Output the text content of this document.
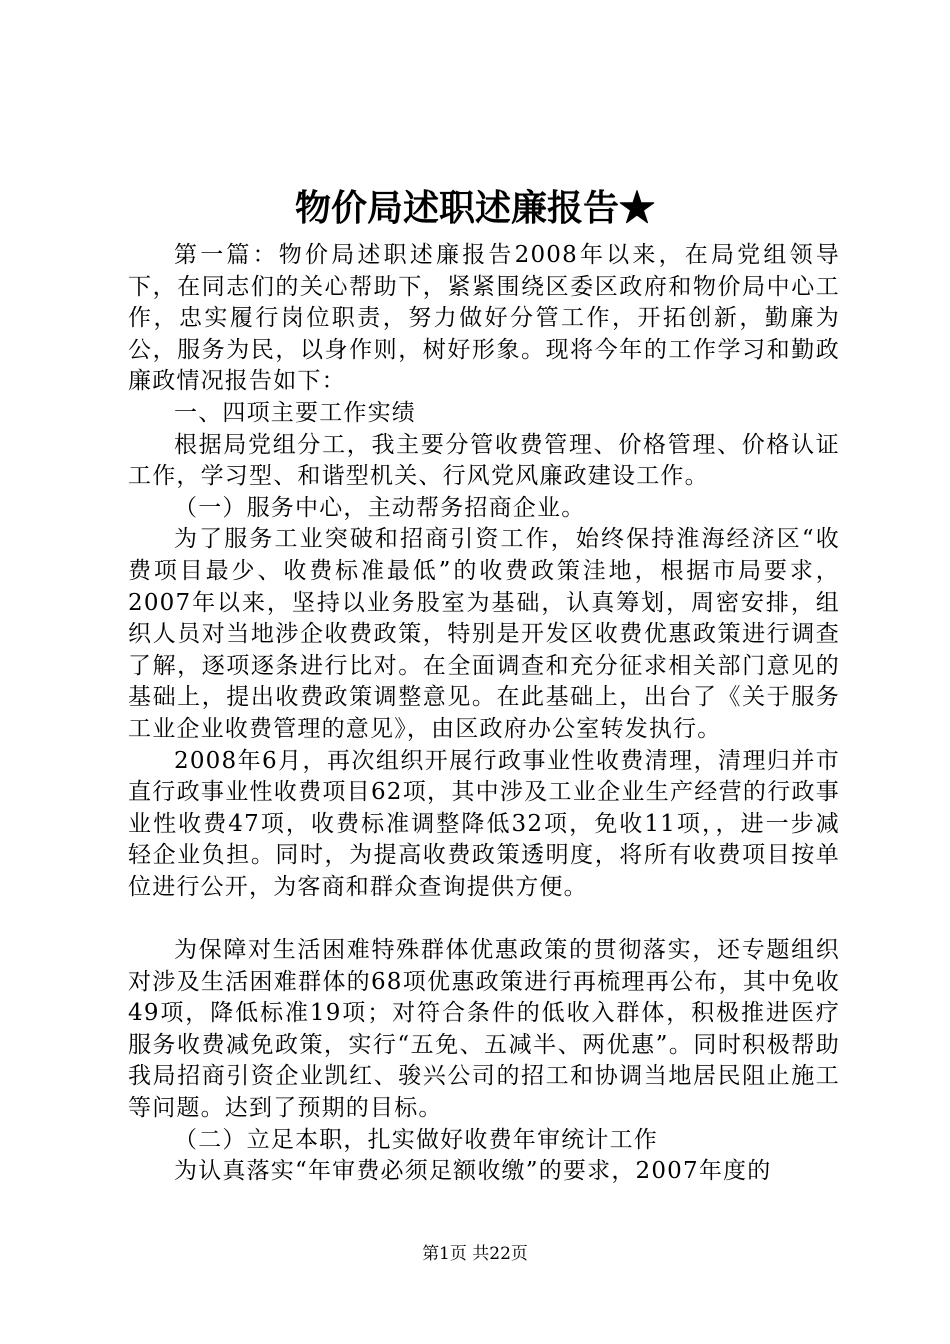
物价局述职述廉报告★

第一篇：物价局述职述廉报告2008年以来，在局党组领导下，在同志们的关心帮助下，紧紧围绕区委区政府和物价局中心工作，忠实履行岗位职责，努力做好分管工作，开拓创新，勤廉为公，服务为民，以身作则，树好形象。现将今年的工作学习和勤政廉政情况报告如下：

一、四项主要工作实绩

根据局党组分工，我主要分管收费管理、价格管理、价格认证工作，学习型、和谐型机关、行风党风廉政建设工作。

（一）服务中心，主动帮务招商企业。

为了服务工业突破和招商引资工作，始终保持淮海经济区“收费项目最少、收费标准最低”的收费政策洼地，根据市局要求，2007年以来，坚持以业务股室为基础，认真筹划，周密安排，组织人员对当地涉企收费政策，特别是开发区收费优惠政策进行调查了解，逐项逐条进行比对。在全面调查和充分征求相关部门意见的基础上，提出收费政策调整意见。在此基础上，出台了《关于服务工业企业收费管理的意见》，由区政府办公室转发执行。

2008年6月，再次组织开展行政事业性收费清理，清理归并市直行政事业性收费项目62项，其中涉及工业企业生产经营的行政事业性收费47项，收费标准调整降低32项，免收11项，，进一步减轻企业负担。同时，为提高收费政策透明度，将所有收费项目按单位进行公开，为客商和群众查询提供方便。

为保障对生活困难特殊群体优惠政策的贯彻落实，还专题组织对涉及生活困难群体的68项优惠政策进行再梳理再公布，其中免收49项，降低标准19项；对符合条件的低收入群体，积极推进医疗服务收费减免政策，实行“五免、五减半、两优惠”。同时积极帮助我局招商引资企业凯红、骏兴公司的招工和协调当地居民阻止施工等问题。达到了预期的目标。

（二）立足本职，扎实做好收费年审统计工作

为认真落实“年审费必须足额收缴”的要求，2007年度的

第1页 共22页
